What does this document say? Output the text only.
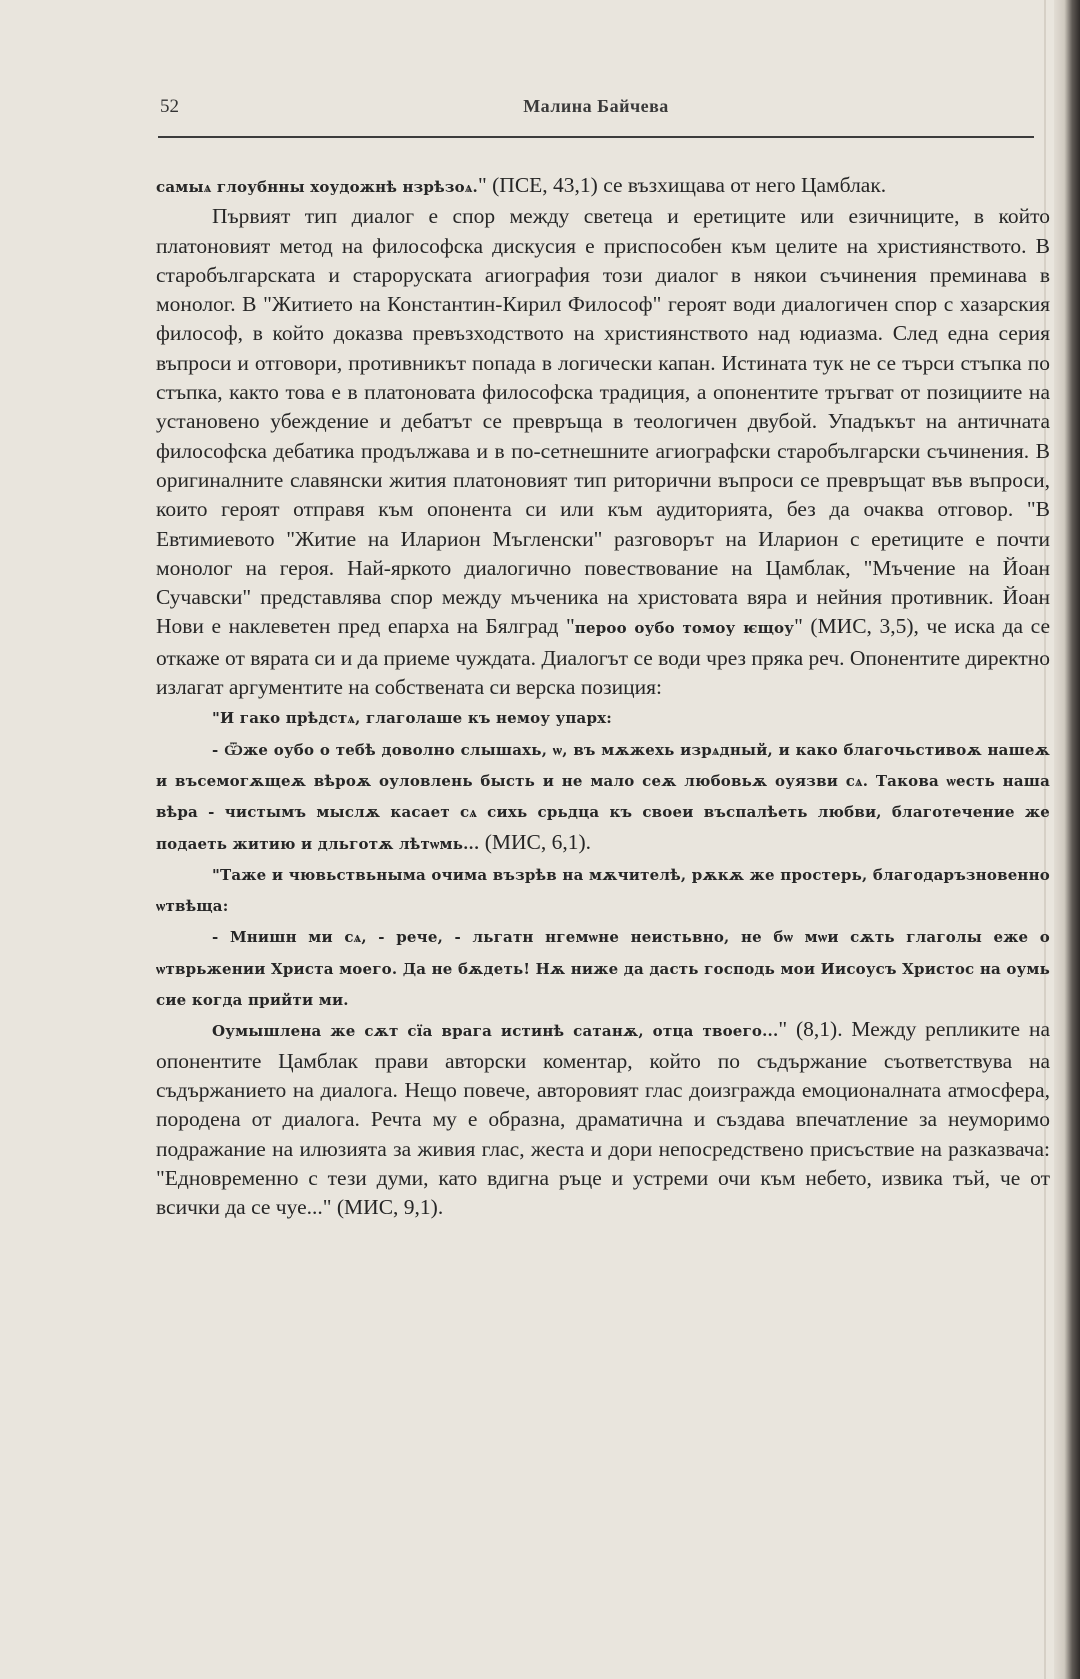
52	Малина Байчева

самыѧ глоубнны хоудожнѣ нзрѣзоѧ." (ПСЕ, 43,1) се възхищава от него Цамблак.

Първият тип диалог е спор между светеца и еретиците или езичниците, в който платоновият метод на философска дискусия е приспособен към целите на християнството. В старобългарската и староруската агиография този диалог в някои съчинения преминава в монолог. В "Житието на Константин-Кирил Философ" героят води диалогичен спор с хазарския философ, в който доказва превъзходството на християнството над юдиазма. След една серия въпроси и отговори, противникът попада в логически капан. Истината тук не се търси стъпка по стъпка, както това е в платоновата философска традиция, а опонентите тръгват от позициите на установено убеждение и дебатът се превръща в теологичен двубой. Упадъкът на античната философска дебатика продължава и в по-сетнешните агиографски старобългарски съчинения. В оригиналните славянски жития платоновият тип риторични въпроси се превръщат във въпроси, които героят отправя към опонента си или към аудиторията, без да очаква отговор. "В Евтимиевото "Житие на Иларион Мъгленски" разговорът на Иларион с еретиците е почти монолог на героя. Най-яркото диалогично повествование на Цамблак, "Мъчение на Йоан Сучавски" представлява спор между мъченика на христовата вяра и нейния противник. Йоан Нови е наклеветен пред епарха на Бялград "пероо оубо томоу ѥщоу" (МИС, 3,5), че иска да се откаже от вярата си и да приеме чуждата. Диалогът се води чрез пряка реч. Опонентите директно излагат аргументите на собствената си верска позиция:

"И гако прѣдстѧ, глаголаше къ немоу упарх:

- Ѿже оубо о тебѣ доволно слышахь, ѡ, въ мѫжехь изрѧдный, и како благочьстивоѫ нашеѫ и въсемогѫщеѫ вѣроѫ оуловлень бысть и не мало сеѫ любовьѫ оуязви сѧ. Такова ѡесть наша вѣра - чистымъ мыслѫ касает сѧ сихь срьдца къ своеи въспалѣеть любви, благотечение же подаеть житию и дльготѫ лѣтѡмь... (МИС, 6,1).

"Тажe и чювьствьныма очима възрѣв на мѫчителѣ, рѫкѫ же простерь, благодаръзновенно ѡтвѣща:

- Мнишн ми сѧ, - рече, - льгатн нгемѡне неистьвно, не бѡ мѡи сѫть глаголы еже о ѡтврьжении Христа моего. Да не бѫдеть! Нѫ ниже да дасть господь мои Иисоусъ Христос на оумь сие когда прийти ми.

Оумышлена же сѫт сїа врага истинѣ сатанѫ, отца твоего..." (8,1). Между репликите на опонентите Цамблак прави авторски коментар, който по съдържание съответствува на съдържанието на диалога. Нещо повече, авторовият глас доизгражда емоционалната атмосфера, породена от диалога. Речта му е образна, драматична и създава впечатление за неуморимо подражание на илюзията за живия глас, жеста и дори непосредствено присъствие на разказвача: "Едновременно с тези думи, като вдигна ръце и устреми очи към небето, извика тъй, че от всички да се чуе..." (МИС, 9,1).
